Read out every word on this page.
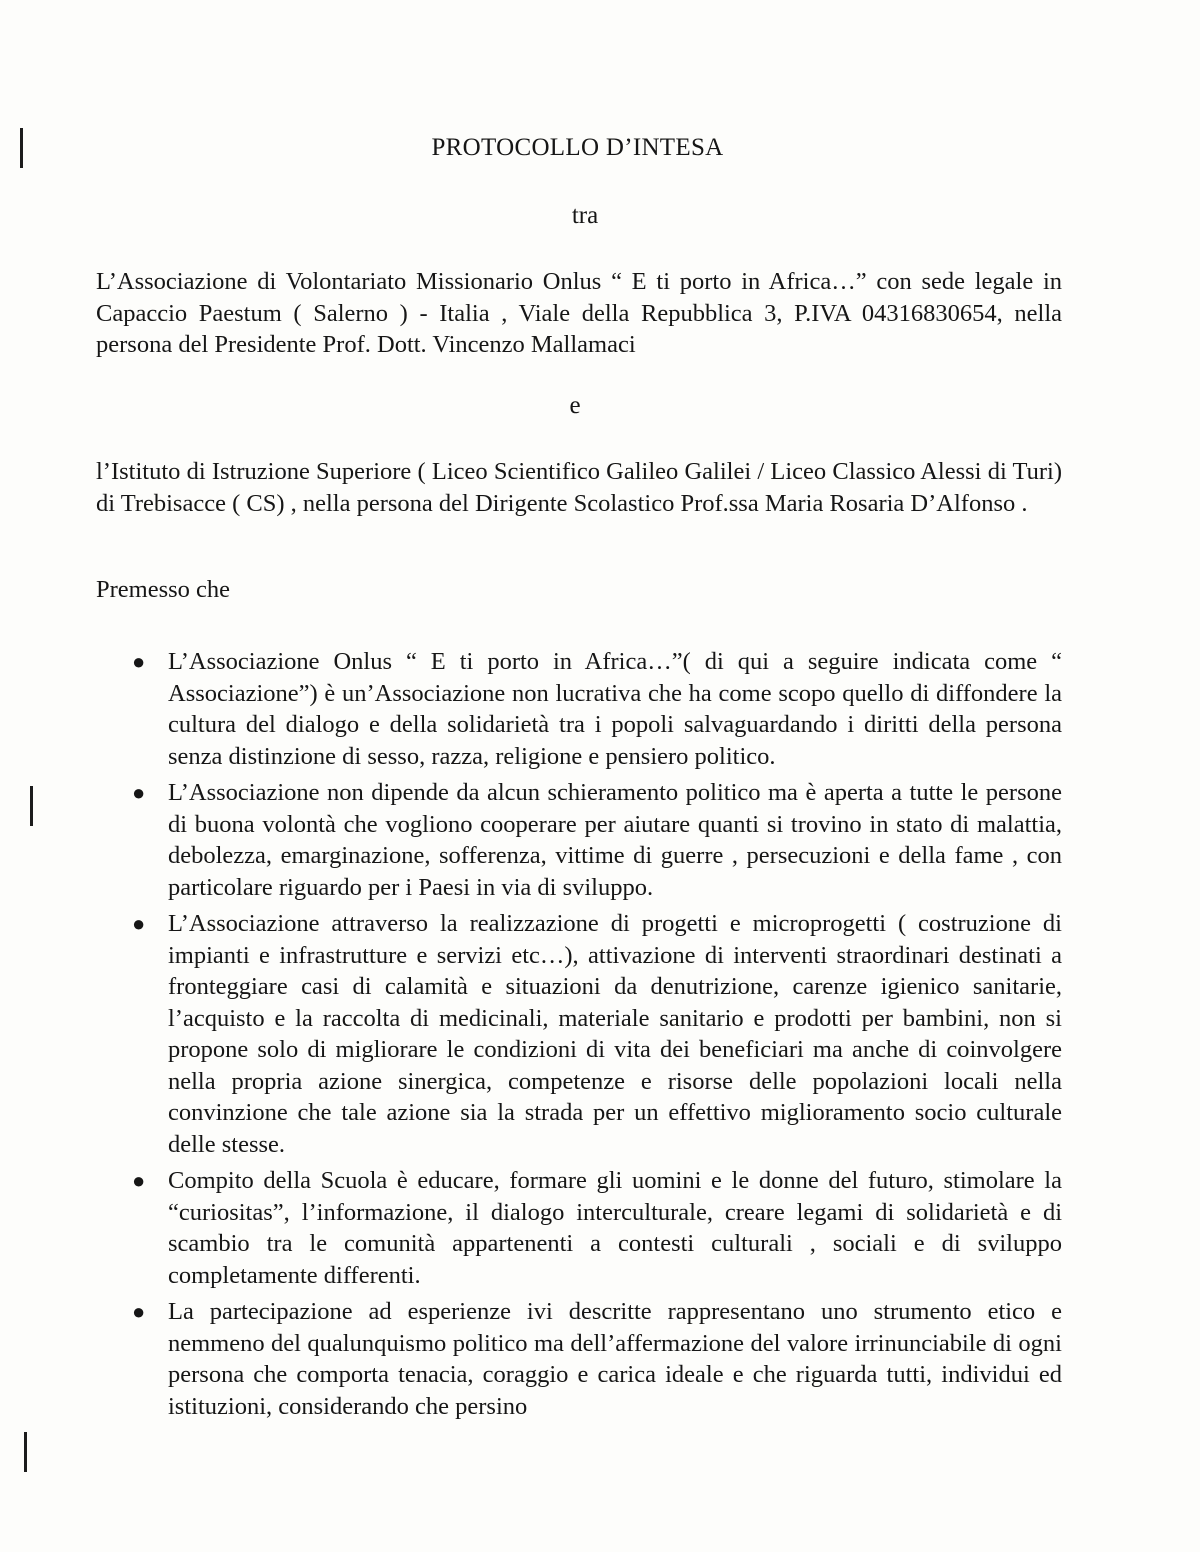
PROTOCOLLO D’INTESA
tra

L’Associazione di Volontariato Missionario Onlus “ E ti porto in Africa…” con sede legale in Capaccio Paestum ( Salerno ) - Italia , Viale della Repubblica 3, P.IVA 04316830654, nella persona del Presidente Prof. Dott. Vincenzo Mallamaci

e

l’Istituto di Istruzione Superiore ( Liceo Scientifico Galileo Galilei / Liceo Classico Alessi di Turi) di Trebisacce ( CS) , nella persona del Dirigente Scolastico Prof.ssa Maria Rosaria D’Alfonso .

Premesso che

● L’Associazione Onlus “ E ti porto in Africa…”( di qui a seguire indicata come “ Associazione”) è un’Associazione non lucrativa che ha come scopo quello di diffondere la cultura del dialogo e della solidarietà tra i popoli salvaguardando i diritti della persona senza distinzione di sesso, razza, religione e pensiero politico.
● L’Associazione non dipende da alcun schieramento politico ma è aperta a tutte le persone di buona volontà che vogliono cooperare per aiutare quanti si trovino in stato di malattia, debolezza, emarginazione, sofferenza, vittime di guerre , persecuzioni e della fame , con particolare riguardo per i Paesi in via di sviluppo.
● L’Associazione attraverso la realizzazione di progetti e microprogetti ( costruzione di impianti e infrastrutture e servizi etc…), attivazione di interventi straordinari destinati a fronteggiare casi di calamità e situazioni da denutrizione, carenze igienico sanitarie, l’acquisto e la raccolta di medicinali, materiale sanitario e prodotti per bambini, non si propone solo di migliorare le condizioni di vita dei beneficiari ma anche di coinvolgere nella propria azione sinergica, competenze e risorse delle popolazioni locali nella convinzione che tale azione sia la strada per un effettivo miglioramento socio culturale delle stesse.
● Compito della Scuola è educare, formare gli uomini e le donne del futuro, stimolare la “curiositas”, l’informazione, il dialogo interculturale, creare legami di solidarietà e di scambio tra le comunità appartenenti a contesti culturali , sociali e di sviluppo completamente differenti.
● La partecipazione ad esperienze ivi descritte rappresentano uno strumento etico e nemmeno del qualunquismo politico ma dell’affermazione del valore irrinunciabile di ogni persona che comporta tenacia, coraggio e carica ideale e che riguarda tutti, individui ed istituzioni, considerando che persino
